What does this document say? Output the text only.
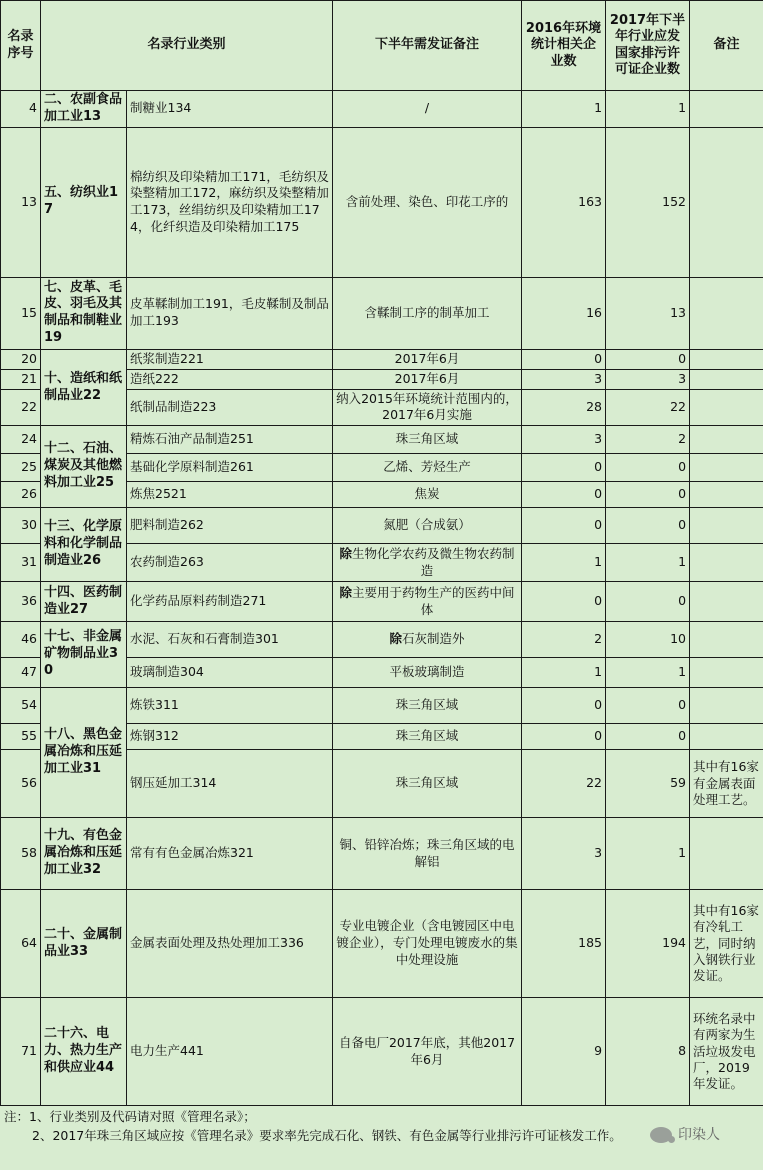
名录序号	名录行业类别		下半年需发证备注	2016年环境统计相关企业数	2017年下半年行业应发国家排污许可证企业数	备注
4	二、农副食品加工业13	制糖业134	/	1	1	
13	五、纺织业17	棉纺织及印染精加工171，毛纺织及染整精加工172，麻纺织及染整精加工173，丝绢纺织及印染精加工174，化纤织造及印染精加工175	含前处理、染色、印花工序的	163	152	
15	七、皮革、毛皮、羽毛及其制品和制鞋业19	皮革鞣制加工191，毛皮鞣制及制品加工193	含鞣制工序的制革加工	16	13	
20	十、造纸和纸制品业22	纸浆制造221	2017年6月	0	0	
21		造纸222	2017年6月	3	3	
22		纸制品制造223	纳入2015年环境统计范围内的，2017年6月实施	28	22	
24	十二、石油、煤炭及其他燃料加工业25	精炼石油产品制造251	珠三角区域	3	2	
25		基础化学原料制造261	乙烯、芳烃生产	0	0	
26		炼焦2521	焦炭	0	0	
30	十三、化学原料和化学制品制造业26	肥料制造262	氮肥（合成氨）	0	0	
31		农药制造263	除生物化学农药及微生物农药制造	1	1	
36	十四、医药制造业27	化学药品原料药制造271	除主要用于药物生产的医药中间体	0	0	
46	十七、非金属矿物制品业30	水泥、石灰和石膏制造301	除石灰制造外	2	10	
47		玻璃制造304	平板玻璃制造	1	1	
54	十八、黑色金属冶炼和压延加工业31	炼铁311	珠三角区域	0	0	
55		炼钢312	珠三角区域	0	0	
56		钢压延加工314	珠三角区域	22	59	其中有16家有金属表面处理工艺。
58	十九、有色金属冶炼和压延加工业32	常有有色金属冶炼321	铜、铅锌冶炼；珠三角区域的电解铝	3	1	
64	二十、金属制品业33	金属表面处理及热处理加工336	专业电镀企业（含电镀园区中电镀企业），专门处理电镀废水的集中处理设施	185	194	其中有16家有冷轧工艺，同时纳入钢铁行业发证。
71	二十六、电力、热力生产和供应业44	电力生产441	自备电厂2017年底，其他2017年6月	9	8	环统名录中有两家为生活垃圾发电厂，2019年发证。
注：1、行业类别及代码请对照《管理名录》；
2、2017年珠三角区域应按《管理名录》要求率先完成石化、钢铁、有色金属等行业排污许可证核发工作。	印染人
